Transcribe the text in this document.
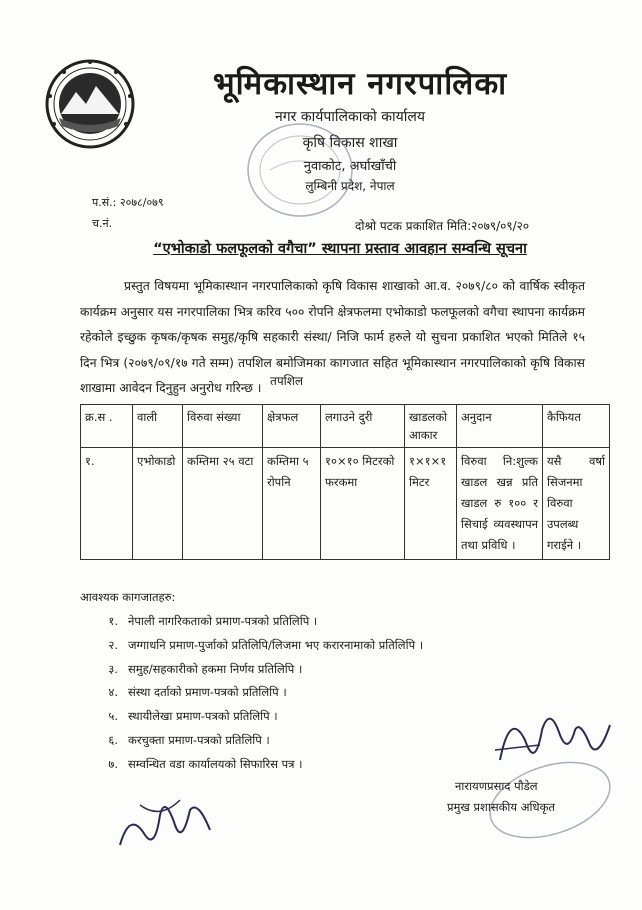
भूमिकास्थान नगरपालिका
नगर कार्यपालिकाको कार्यालय
कृषि विकास शाखा
नुवाकोट, अर्घाखाँची
लुम्बिनी प्रदेश, नेपाल
प.सं.: २०७८/०७९
च.नं.	दोश्रो पटक प्रकाशित मिति:२०७९/०९/२०
“एभोकाडो फलफूलको वगैचा” स्थापना प्रस्ताव आवहान सम्वन्धि सूचना
प्रस्तुत विषयमा भूमिकास्थान नगरपालिकाको कृषि विकास शाखाको आ.व. २०७९/८० को वार्षिक स्वीकृत कार्यक्रम अनुसार यस नगरपालिका भित्र करिव ५०० रोपनि क्षेत्रफलमा एभोकाडो फलफूलको वगैचा स्थापना कार्यक्रम रहेकोले इच्छुक कृषक/कृषक समुह/कृषि सहकारी संस्था/ निजि फार्म हरुले यो सुचना प्रकाशित भएको मितिले १५ दिन भित्र (२०७९/०९/१७ गते सम्म) तपशिल बमोजिमका कागजात सहित भूमिकास्थान नगरपालिकाको कृषि विकास शाखामा आवेदन दिनुहुन अनुरोध गरिन्छ । तपशिल
क्र.स .	वाली	विरुवा संख्या	क्षेत्रफल	लगाउने दुरी	खाडलको आकार	अनुदान	कैफियत
१.	एभोकाडो	कम्तिमा २५ वटा	कम्तिमा ५ रोपनि	१०×१० मिटरको फरकमा	१×१×१ मिटर	विरुवा नि:शुल्क खाडल खन्न प्रति खाडल रु १०० र सिचाई व्यवस्थापन तथा प्रविधि ।	यसै वर्षा सिजनमा विरुवा उपलब्ध गराईने ।
आवश्यक कागजातहरु:
१. नेपाली नागरिकताको प्रमाण-पत्रको प्रतिलिपि ।
२. जग्गाधनि प्रमाण-पुर्जाको प्रतिलिपि/लिजमा भए करारनामाको प्रतिलिपि ।
३. समुह/सहकारीको हकमा निर्णय प्रतिलिपि ।
४. संस्था दर्ताको प्रमाण-पत्रको प्रतिलिपि ।
५. स्थायीलेखा प्रमाण-पत्रको प्रतिलिपि ।
६. करचुक्ता प्रमाण-पत्रको प्रतिलिपि ।
७. सम्वन्धित वडा कार्यालयको सिफारिस पत्र ।
नारायणप्रसाद पौडेल
प्रमुख प्रशासकीय अधिकृत
